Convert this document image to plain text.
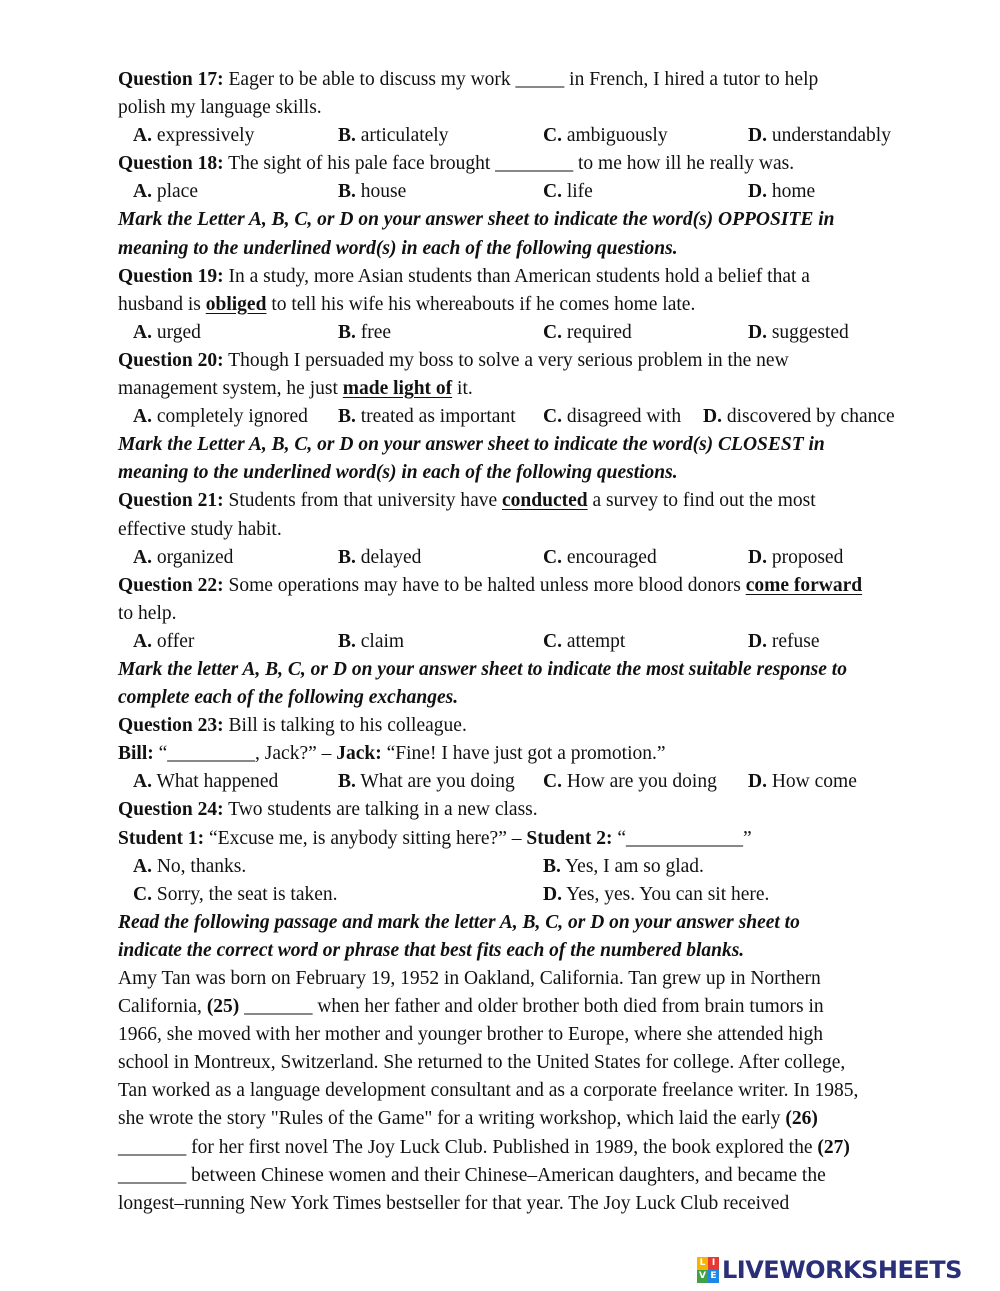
Question 17: Eager to be able to discuss my work _____ in French, I hired a tutor to help
polish my language skills.
A. expressively	B. articulately	C. ambiguously	D. understandably
Question 18: The sight of his pale face brought ________ to me how ill he really was.
A. place	B. house	C. life	D. home
Mark the Letter A, B, C, or D on your answer sheet to indicate the word(s) OPPOSITE in
meaning to the underlined word(s) in each of the following questions.
Question 19: In a study, more Asian students than American students hold a belief that a
husband is obliged to tell his wife his whereabouts if he comes home late.
A. urged	B. free	C. required	D. suggested
Question 20: Though I persuaded my boss to solve a very serious problem in the new
management system, he just made light of it.
A. completely ignored B. treated as important C. disagreed with D. discovered by chance
Mark the Letter A, B, C, or D on your answer sheet to indicate the word(s) CLOSEST in
meaning to the underlined word(s) in each of the following questions.
Question 21: Students from that university have conducted a survey to find out the most
effective study habit.
A. organized	B. delayed	C. encouraged	D. proposed
Question 22: Some operations may have to be halted unless more blood donors come forward
to help.
A. offer	B. claim	C. attempt	D. refuse
Mark the letter A, B, C, or D on your answer sheet to indicate the most suitable response to
complete each of the following exchanges.
Question 23: Bill is talking to his colleague.
Bill: “_________, Jack?” – Jack: “Fine! I have just got a promotion.”
A. What happened	B. What are you doing C. How are you doing D. How come
Question 24: Two students are talking in a new class.
Student 1: “Excuse me, is anybody sitting here?” – Student 2: “____________”
A. No, thanks.	B. Yes, I am so glad.
C. Sorry, the seat is taken.	D. Yes, yes. You can sit here.
Read the following passage and mark the letter A, B, C, or D on your answer sheet to
indicate the correct word or phrase that best fits each of the numbered blanks.
Amy Tan was born on February 19, 1952 in Oakland, California. Tan grew up in Northern
California, (25) _______ when her father and older brother both died from brain tumors in
1966, she moved with her mother and younger brother to Europe, where she attended high
school in Montreux, Switzerland. She returned to the United States for college. After college,
Tan worked as a language development consultant and as a corporate freelance writer. In 1985,
she wrote the story "Rules of the Game" for a writing workshop, which laid the early (26)
_______ for her first novel The Joy Luck Club. Published in 1989, the book explored the (27)
_______ between Chinese women and their Chinese–American daughters, and became the
longest–running New York Times bestseller for that year. The Joy Luck Club received
L I
V E LIVEWORKSHEETS
